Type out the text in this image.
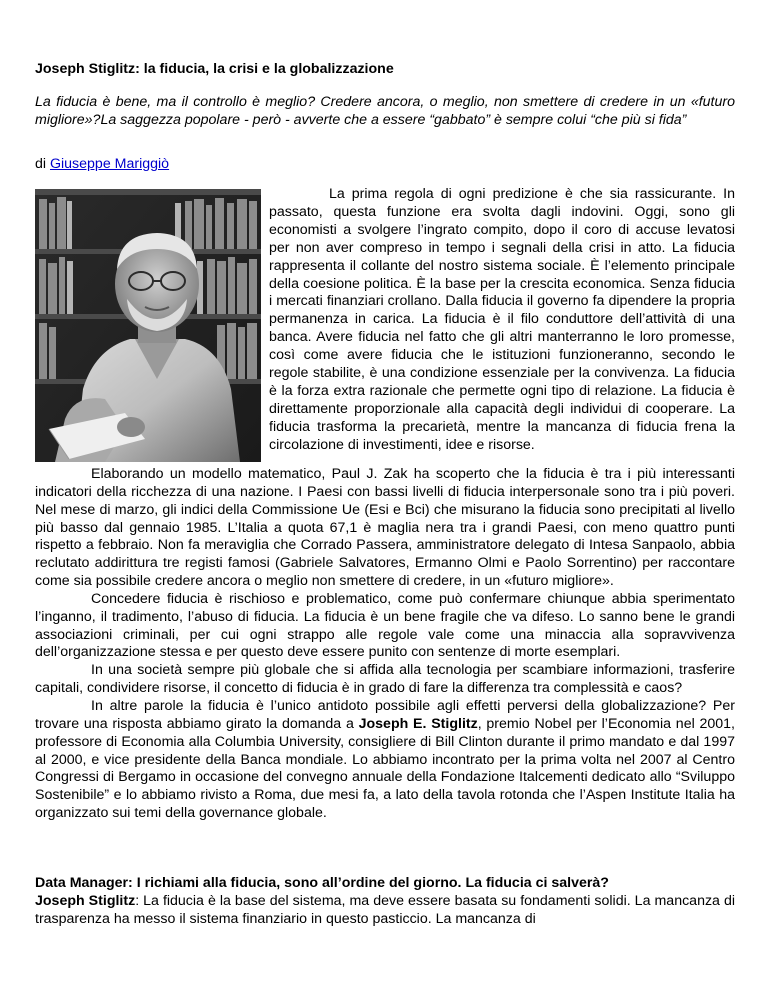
Joseph Stiglitz: la fiducia, la crisi e la globalizzazione
La fiducia è bene, ma il controllo è meglio? Credere ancora, o meglio, non smettere di credere in un «futuro migliore»?La saggezza popolare - però - avverte che a essere “gabbato” è sempre colui “che più si fida”
di Giuseppe Mariggiò
La prima regola di ogni predizione è che sia rassicurante. In passato, questa funzione era svolta dagli indovini. Oggi, sono gli economisti a svolgere l’ingrato compito, dopo il coro di accuse levatosi per non aver compreso in tempo i segnali della crisi in atto. La fiducia rappresenta il collante del nostro sistema sociale. È l’elemento principale della coesione politica. È la base per la crescita economica. Senza fiducia i mercati finanziari crollano. Dalla fiducia il governo fa dipendere la propria permanenza in carica. La fiducia è il filo conduttore dell’attività di una banca. Avere fiducia nel fatto che gli altri manterranno le loro promesse, così come avere fiducia che le istituzioni funzioneranno, secondo le regole stabilite, è una condizione essenziale per la convivenza. La fiducia è la forza extra razionale che permette ogni tipo di relazione. La fiducia è direttamente proporzionale alla capacità degli individui di cooperare. La fiducia trasforma la precarietà, mentre la mancanza di fiducia frena la circolazione di investimenti, idee e risorse.

Elaborando un modello matematico, Paul J. Zak ha scoperto che la fiducia è tra i più interessanti indicatori della ricchezza di una nazione. I Paesi con bassi livelli di fiducia interpersonale sono tra i più poveri. Nel mese di marzo, gli indici della Commissione Ue (Esi e Bci) che misurano la fiducia sono precipitati al livello più basso dal gennaio 1985. L’Italia a quota 67,1 è maglia nera tra i grandi Paesi, con meno quattro punti rispetto a febbraio. Non fa meraviglia che Corrado Passera, amministratore delegato di Intesa Sanpaolo, abbia reclutato addirittura tre registi famosi (Gabriele Salvatores, Ermanno Olmi e Paolo Sorrentino) per raccontare come sia possibile credere ancora o meglio non smettere di credere, in un «futuro migliore».

Concedere fiducia è rischioso e problematico, come può confermare chiunque abbia sperimentato l’inganno, il tradimento, l’abuso di fiducia. La fiducia è un bene fragile che va difeso. Lo sanno bene le grandi associazioni criminali, per cui ogni strappo alle regole vale come una minaccia alla sopravvivenza dell’organizzazione stessa e per questo deve essere punito con sentenze di morte esemplari.

In una società sempre più globale che si affida alla tecnologia per scambiare informazioni, trasferire capitali, condividere risorse, il concetto di fiducia è in grado di fare la differenza tra complessità e caos?

In altre parole la fiducia è l’unico antidoto possibile agli effetti perversi della globalizzazione? Per trovare una risposta abbiamo girato la domanda a Joseph E. Stiglitz, premio Nobel per l’Economia nel 2001, professore di Economia alla Columbia University, consigliere di Bill Clinton durante il primo mandato e dal 1997 al 2000, e vice presidente della Banca mondiale. Lo abbiamo incontrato per la prima volta nel 2007 al Centro Congressi di Bergamo in occasione del convegno annuale della Fondazione Italcementi dedicato allo “Sviluppo Sostenibile” e lo abbiamo rivisto a Roma, due mesi fa, a lato della tavola rotonda che l’Aspen Institute Italia ha organizzato sui temi della governance globale.

Data Manager: I richiami alla fiducia, sono all’ordine del giorno. La fiducia ci salverà?
Joseph Stiglitz: La fiducia è la base del sistema, ma deve essere basata su fondamenti solidi. La mancanza di trasparenza ha messo il sistema finanziario in questo pasticcio. La mancanza di
